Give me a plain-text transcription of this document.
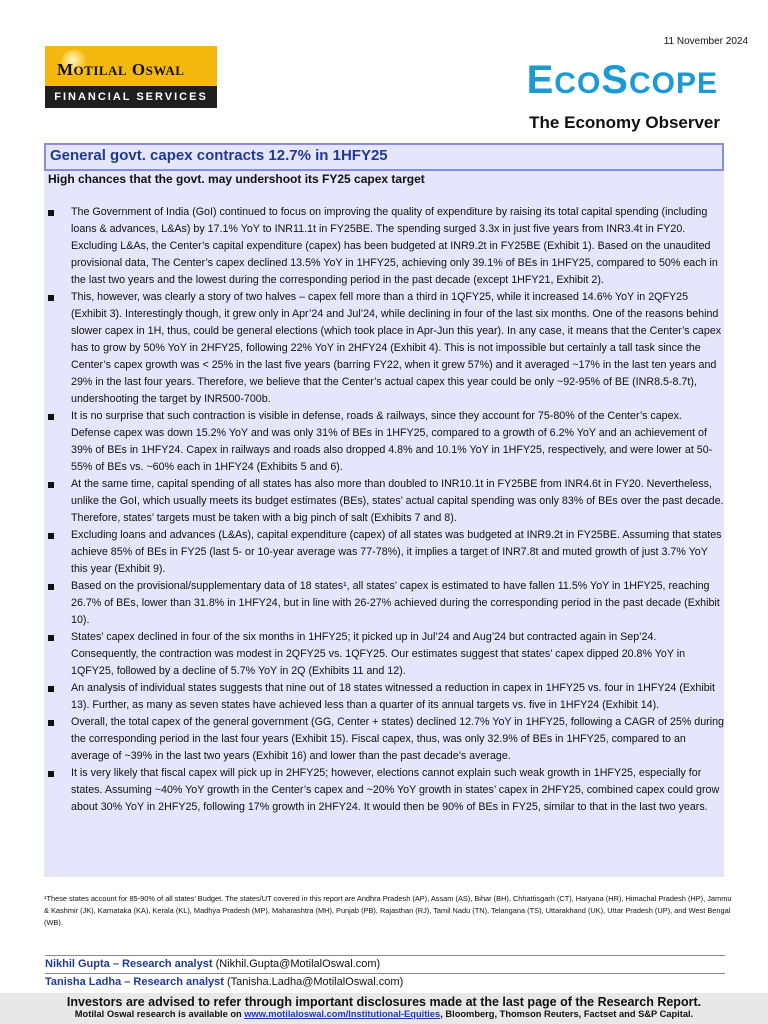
11 November 2024
MOTILAL OSWAL
FINANCIAL SERVICES	ECOSCOPE
The Economy Observer
General govt. capex contracts 12.7% in 1HFY25
High chances that the govt. may undershoot its FY25 capex target
The Government of India (GoI) continued to focus on improving the quality of expenditure by raising its total capital spending (including loans & advances, L&As) by 17.1% YoY to INR11.1t in FY25BE. The spending surged 3.3x in just five years from INR3.4t in FY20. Excluding L&As, the Center’s capital expenditure (capex) has been budgeted at INR9.2t in FY25BE (Exhibit 1). Based on the unaudited provisional data, The Center’s capex declined 13.5% YoY in 1HFY25, achieving only 39.1% of BEs in 1HFY25, compared to 50% each in the last two years and the lowest during the corresponding period in the past decade (except 1HFY21, Exhibit 2).
This, however, was clearly a story of two halves – capex fell more than a third in 1QFY25, while it increased 14.6% YoY in 2QFY25 (Exhibit 3). Interestingly though, it grew only in Apr’24 and Jul’24, while declining in four of the last six months. One of the reasons behind slower capex in 1H, thus, could be general elections (which took place in Apr-Jun this year). In any case, it means that the Center’s capex has to grow by 50% YoY in 2HFY25, following 22% YoY in 2HFY24 (Exhibit 4). This is not impossible but certainly a tall task since the Center’s capex growth was < 25% in the last five years (barring FY22, when it grew 57%) and it averaged ~17% in the last ten years and 29% in the last four years. Therefore, we believe that the Center’s actual capex this year could be only ~92-95% of BE (INR8.5-8.7t), undershooting the target by INR500-700b.
It is no surprise that such contraction is visible in defense, roads & railways, since they account for 75-80% of the Center’s capex. Defense capex was down 15.2% YoY and was only 31% of BEs in 1HFY25, compared to a growth of 6.2% YoY and an achievement of 39% of BEs in 1HFY24. Capex in railways and roads also dropped 4.8% and 10.1% YoY in 1HFY25, respectively, and were lower at 50-55% of BEs vs. ~60% each in 1HFY24 (Exhibits 5 and 6).
At the same time, capital spending of all states has also more than doubled to INR10.1t in FY25BE from INR4.6t in FY20. Nevertheless, unlike the GoI, which usually meets its budget estimates (BEs), states’ actual capital spending was only 83% of BEs over the past decade. Therefore, states’ targets must be taken with a big pinch of salt (Exhibits 7 and 8).
Excluding loans and advances (L&As), capital expenditure (capex) of all states was budgeted at INR9.2t in FY25BE. Assuming that states achieve 85% of BEs in FY25 (last 5- or 10-year average was 77-78%), it implies a target of INR7.8t and muted growth of just 3.7% YoY this year (Exhibit 9).
Based on the provisional/supplementary data of 18 states¹, all states’ capex is estimated to have fallen 11.5% YoY in 1HFY25, reaching 26.7% of BEs, lower than 31.8% in 1HFY24, but in line with 26-27% achieved during the corresponding period in the past decade (Exhibit 10).
States’ capex declined in four of the six months in 1HFY25; it picked up in Jul’24 and Aug’24 but contracted again in Sep’24. Consequently, the contraction was modest in 2QFY25 vs. 1QFY25. Our estimates suggest that states’ capex dipped 20.8% YoY in 1QFY25, followed by a decline of 5.7% YoY in 2Q (Exhibits 11 and 12).
An analysis of individual states suggests that nine out of 18 states witnessed a reduction in capex in 1HFY25 vs. four in 1HFY24 (Exhibit 13). Further, as many as seven states have achieved less than a quarter of its annual targets vs. five in 1HFY24 (Exhibit 14).
Overall, the total capex of the general government (GG, Center + states) declined 12.7% YoY in 1HFY25, following a CAGR of 25% during the corresponding period in the last four years (Exhibit 15). Fiscal capex, thus, was only 32.9% of BEs in 1HFY25, compared to an average of ~39% in the last two years (Exhibit 16) and lower than the past decade’s average.
It is very likely that fiscal capex will pick up in 2HFY25; however, elections cannot explain such weak growth in 1HFY25, especially for states. Assuming ~40% YoY growth in the Center’s capex and ~20% YoY growth in states’ capex in 2HFY25, combined capex could grow about 30% YoY in 2HFY25, following 17% growth in 2HFY24. It would then be 90% of BEs in FY25, similar to that in the last two years.
¹These states account for 85-90% of all states’ Budget. The states/UT covered in this report are Andhra Pradesh (AP), Assam (AS), Bihar (BH), Chhattisgarh (CT), Haryana (HR), Himachal Pradesh (HP), Jammu & Kashmir (JK), Karnataka (KA), Kerala (KL), Madhya Pradesh (MP), Maharashtra (MH), Punjab (PB), Rajasthan (RJ), Tamil Nadu (TN), Telangana (TS), Uttarakhand (UK), Uttar Pradesh (UP), and West Bengal (WB).
Nikhil Gupta – Research analyst (Nikhil.Gupta@MotilalOswal.com)
Tanisha Ladha – Research analyst (Tanisha.Ladha@MotilalOswal.com)
Investors are advised to refer through important disclosures made at the last page of the Research Report.
Motilal Oswal research is available on www.motilaloswal.com/Institutional-Equities, Bloomberg, Thomson Reuters, Factset and S&P Capital.
